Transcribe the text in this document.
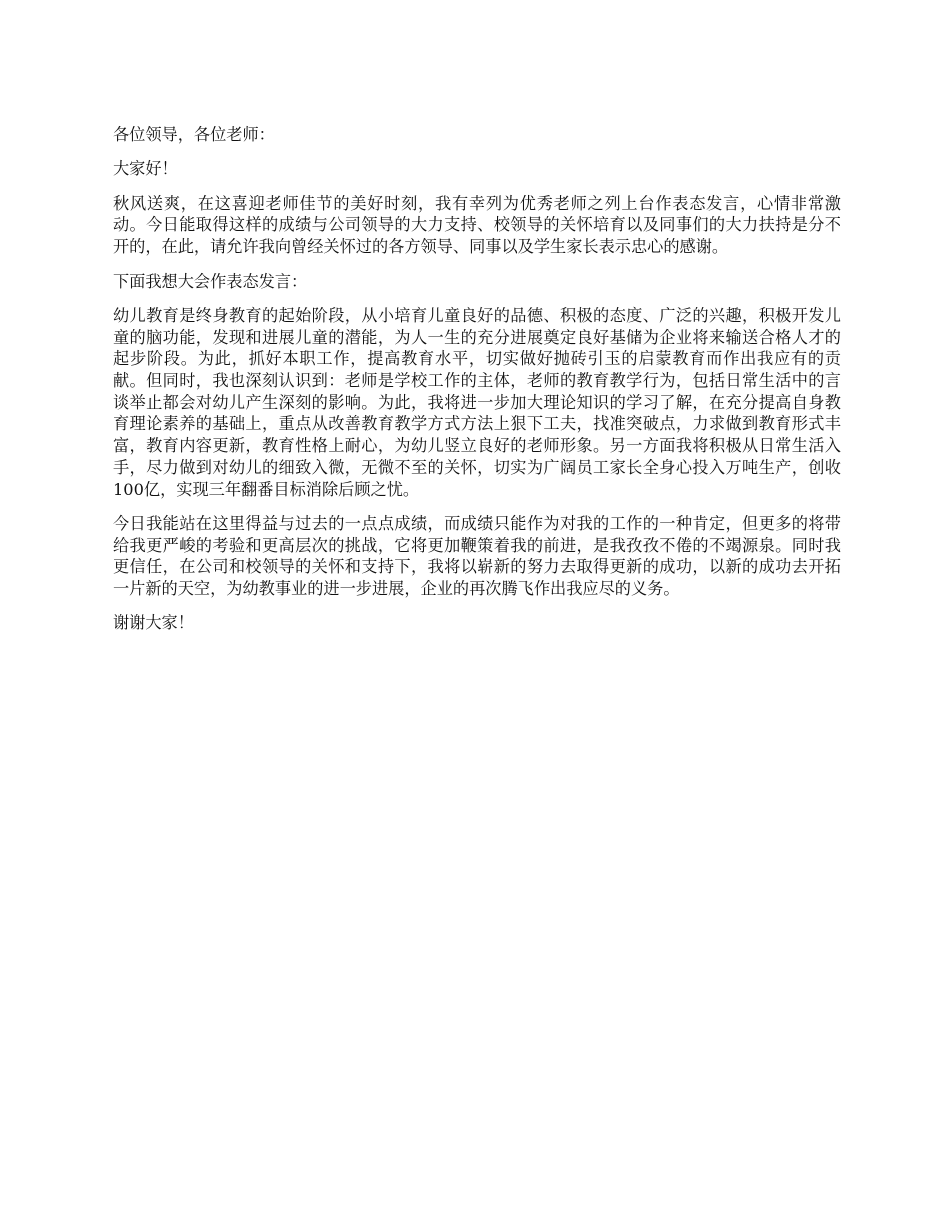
各位领导，各位老师：

大家好！

秋风送爽，在这喜迎老师佳节的美好时刻，我有幸列为优秀老师之列上台作表态发言，心情非常激动。今日能取得这样的成绩与公司领导的大力支持、校领导的关怀培育以及同事们的大力扶持是分不开的，在此，请允许我向曾经关怀过的各方领导、同事以及学生家长表示忠心的感谢。

下面我想大会作表态发言：

幼儿教育是终身教育的起始阶段，从小培育儿童良好的品德、积极的态度、广泛的兴趣，积极开发儿童的脑功能，发现和进展儿童的潜能，为人一生的充分进展奠定良好基储为企业将来输送合格人才的起步阶段。为此，抓好本职工作，提高教育水平，切实做好抛砖引玉的启蒙教育而作出我应有的贡献。但同时，我也深刻认识到：老师是学校工作的主体，老师的教育教学行为，包括日常生活中的言谈举止都会对幼儿产生深刻的影响。为此，我将进一步加大理论知识的学习了解，在充分提高自身教育理论素养的基础上，重点从改善教育教学方式方法上狠下工夫，找准突破点，力求做到教育形式丰富，教育内容更新，教育性格上耐心，为幼儿竖立良好的老师形象。另一方面我将积极从日常生活入手，尽力做到对幼儿的细致入微，无微不至的关怀，切实为广阔员工家长全身心投入万吨生产，创收100亿，实现三年翻番目标消除后顾之忧。

今日我能站在这里得益与过去的一点点成绩，而成绩只能作为对我的工作的一种肯定，但更多的将带给我更严峻的考验和更高层次的挑战，它将更加鞭策着我的前进，是我孜孜不倦的不竭源泉。同时我更信任，在公司和校领导的关怀和支持下，我将以崭新的努力去取得更新的成功，以新的成功去开拓一片新的天空，为幼教事业的进一步进展，企业的再次腾飞作出我应尽的义务。

谢谢大家！
